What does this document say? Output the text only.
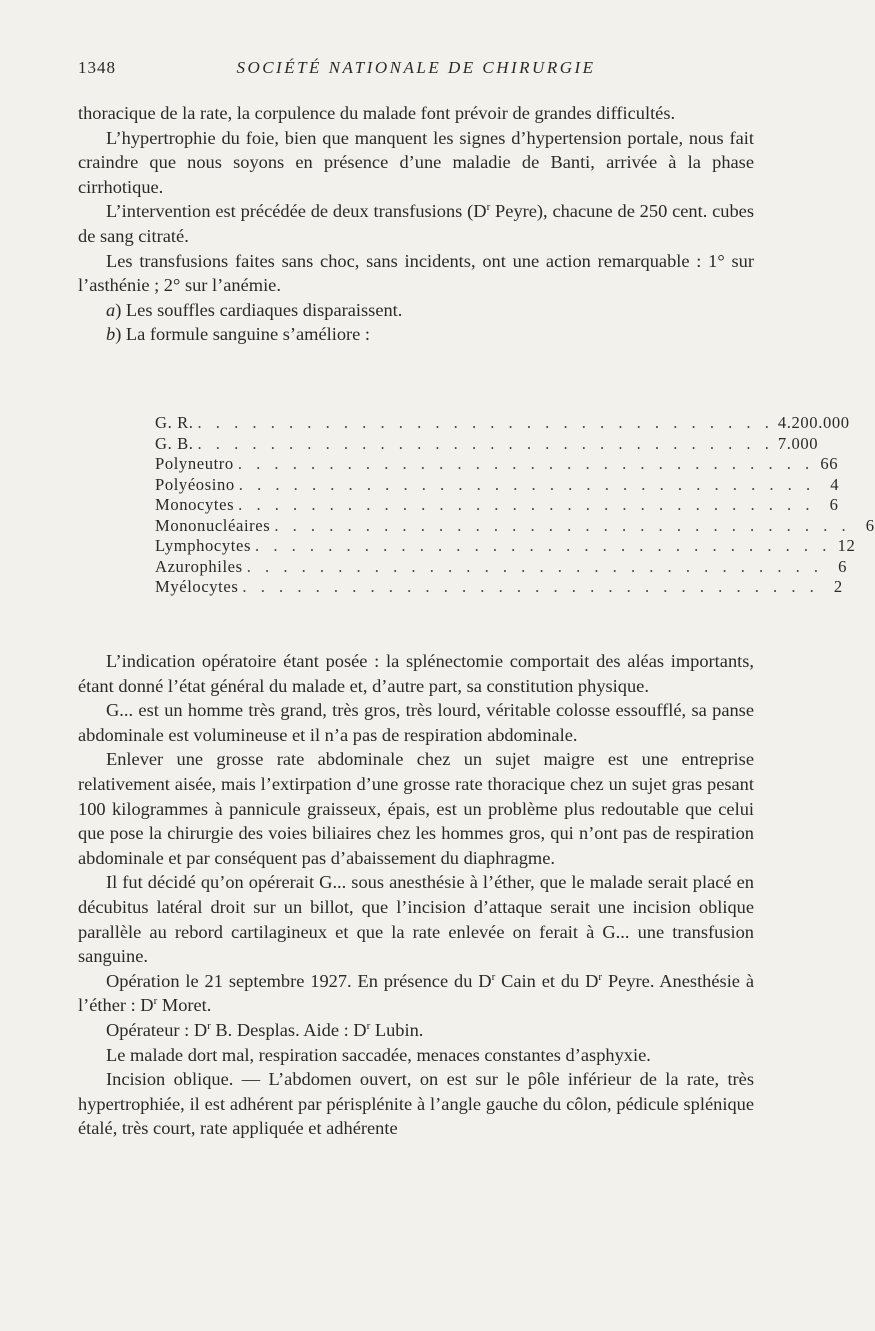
1348	SOCIÉTÉ NATIONALE DE CHIRURGIE

thoracique de la rate, la corpulence du malade font prévoir de grandes difficultés.

L’hypertrophie du foie, bien que manquent les signes d’hypertension portale, nous fait craindre que nous soyons en présence d’une maladie de Banti, arrivée à la phase cirrhotique.

L’intervention est précédée de deux transfusions ($D^r$ Peyre), chacune de 250 cent. cubes de sang citraté.

Les transfusions faites sans choc, sans incidents, ont une action remarquable : 1° sur l’asthénie ; 2° sur l’anémie.

a) Les souffles cardiaques disparaissent.

b) La formule sanguine s’améliore :

G. R. . . . . . . . . . . . . . . . . . . . . . . . . . . . . . . . . 4.200.000
G. B. . . . . . . . . . . . . . . . . . . . . . . . . . . . . . . . . 7.000
Polyneutro . . . . . . . . . . . . . . . . . . . . . . . . . . . . . . . . 66
Polyéosino . . . . . . . . . . . . . . . . . . . . . . . . . . . . . . . . 4
Monocytes . . . . . . . . . . . . . . . . . . . . . . . . . . . . . . . . 6
Mononucléaires . . . . . . . . . . . . . . . . . . . . . . . . . . . . . . . . 6
Lymphocytes . . . . . . . . . . . . . . . . . . . . . . . . . . . . . . . . 12
Azurophiles . . . . . . . . . . . . . . . . . . . . . . . . . . . . . . . . 6
Myélocytes . . . . . . . . . . . . . . . . . . . . . . . . . . . . . . . . 2

L’indication opératoire étant posée : la splénectomie comportait des aléas importants, étant donné l’état général du malade et, d’autre part, sa constitution physique.

G... est un homme très grand, très gros, très lourd, véritable colosse essoufflé, sa panse abdominale est volumineuse et il n’a pas de respiration abdominale.

Enlever une grosse rate abdominale chez un sujet maigre est une entreprise relativement aisée, mais l’extirpation d’une grosse rate thoracique chez un sujet gras pesant 100 kilogrammes à pannicule graisseux, épais, est un problème plus redoutable que celui que pose la chirurgie des voies biliaires chez les hommes gros, qui n’ont pas de respiration abdominale et par conséquent pas d’abaissement du diaphragme.

Il fut décidé qu’on opérerait G... sous anesthésie à l’éther, que le malade serait placé en décubitus latéral droit sur un billot, que l’incision d’attaque serait une incision oblique parallèle au rebord cartilagineux et que la rate enlevée on ferait à G... une transfusion sanguine.

Opération le 21 septembre 1927. En présence du $D^r$ Cain et du $D^r$ Peyre. Anesthésie à l’éther : $D^r$ Moret.

Opérateur : $D^r$ B. Desplas. Aide : $D^r$ Lubin.

Le malade dort mal, respiration saccadée, menaces constantes d’asphyxie.

Incision oblique. — L’abdomen ouvert, on est sur le pôle inférieur de la rate, très hypertrophiée, il est adhérent par périsplénite à l’angle gauche du côlon, pédicule splénique étalé, très court, rate appliquée et adhérente
